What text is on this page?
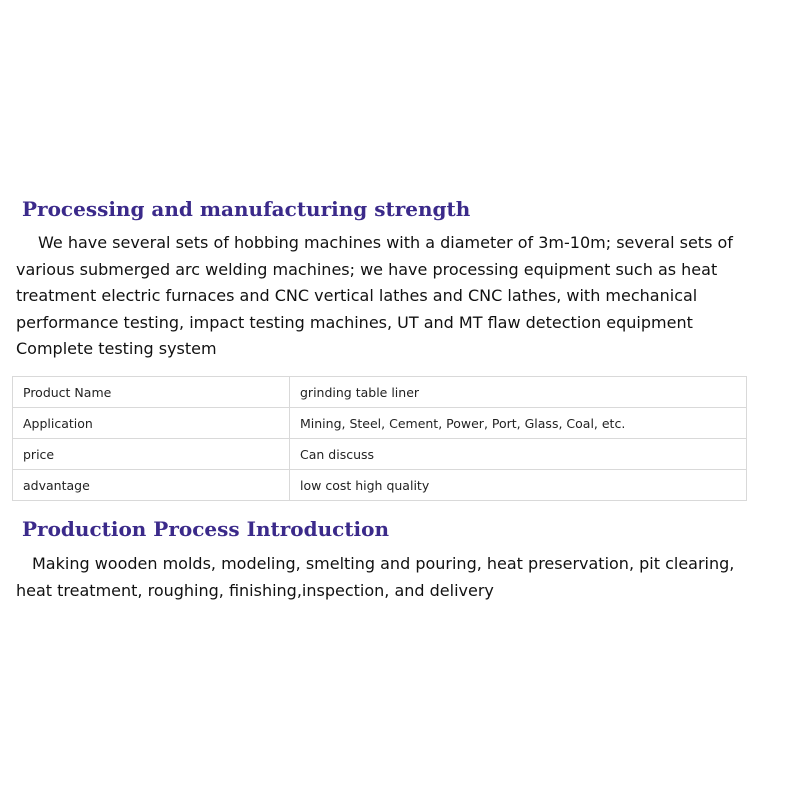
Processing and manufacturing strength

We have several sets of hobbing machines with a diameter of 3m-10m; several sets of various submerged arc welding machines; we have processing equipment such as heat treatment electric furnaces and CNC vertical lathes and CNC lathes, with mechanical performance testing, impact testing machines, UT and MT flaw detection equipment Complete testing system

Product Name	grinding table liner
Application	Mining, Steel, Cement, Power, Port, Glass, Coal, etc.
price	Can discuss
advantage	low cost high quality
Production Process Introduction

Making wooden molds, modeling, smelting and pouring, heat preservation, pit clearing, heat treatment, roughing, finishing,inspection, and delivery
